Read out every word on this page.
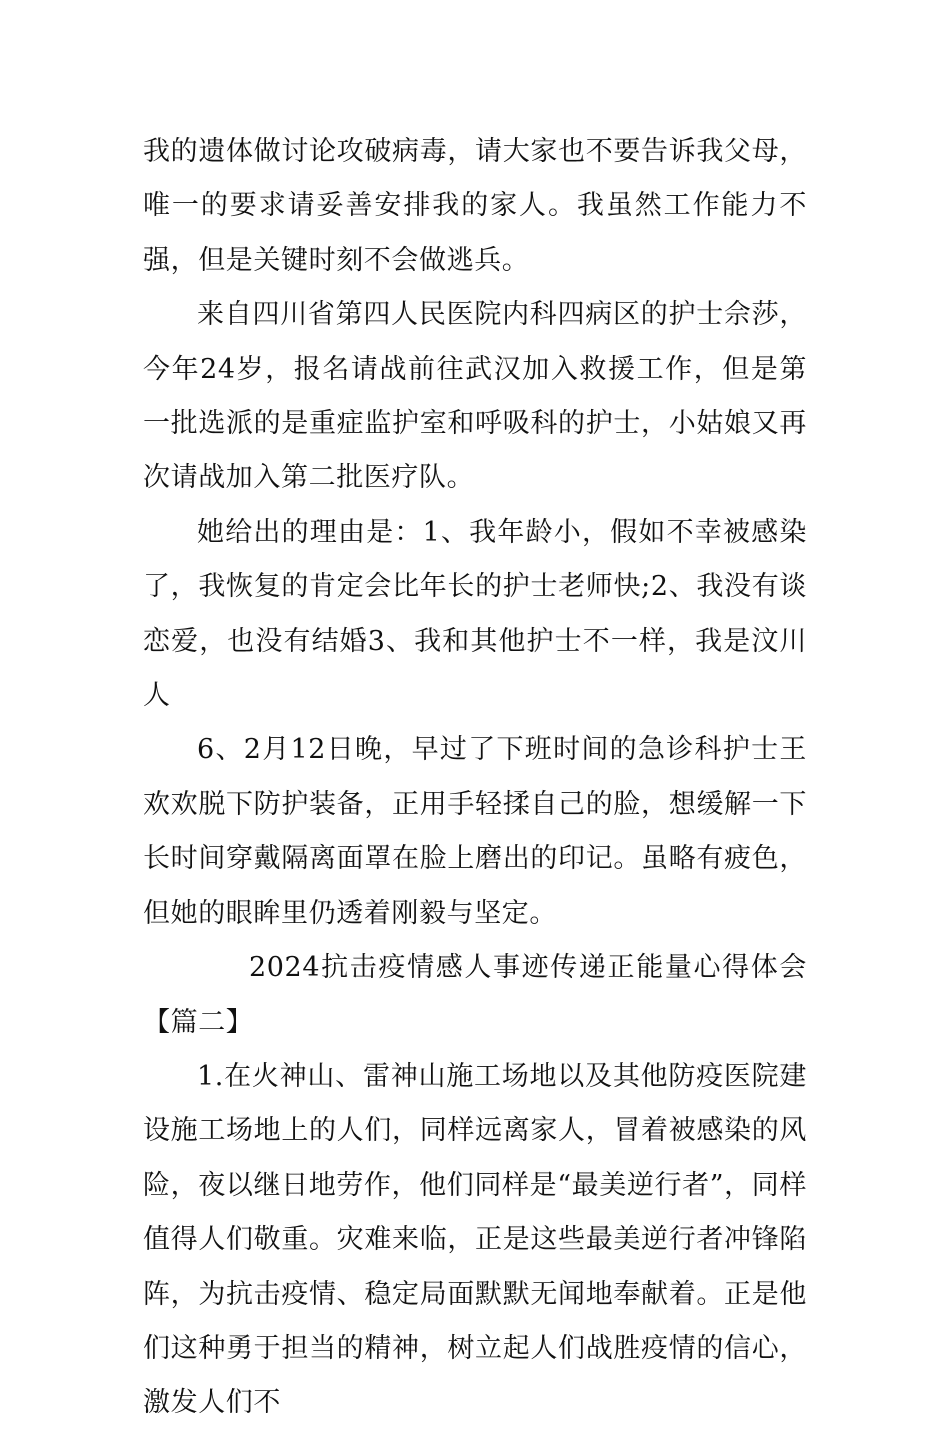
我的遗体做讨论攻破病毒，请大家也不要告诉我父母，唯一的要求请妥善安排我的家人。我虽然工作能力不强，但是关键时刻不会做逃兵。

来自四川省第四人民医院内科四病区的护士佘莎，今年24岁，报名请战前往武汉加入救援工作，但是第一批选派的是重症监护室和呼吸科的护士，小姑娘又再次请战加入第二批医疗队。

她给出的理由是：1、我年龄小，假如不幸被感染了，我恢复的肯定会比年长的护士老师快;2、我没有谈恋爱，也没有结婚3、我和其他护士不一样，我是汶川人

6、2月12日晚，早过了下班时间的急诊科护士王欢欢脱下防护装备，正用手轻揉自己的脸，想缓解一下长时间穿戴隔离面罩在脸上磨出的印记。虽略有疲色，但她的眼眸里仍透着刚毅与坚定。

2024抗击疫情感人事迹传递正能量心得体会【篇二】

1.在火神山、雷神山施工场地以及其他防疫医院建设施工场地上的人们，同样远离家人，冒着被感染的风险，夜以继日地劳作，他们同样是“最美逆行者”，同样值得人们敬重。灾难来临，正是这些最美逆行者冲锋陷阵，为抗击疫情、稳定局面默默无闻地奉献着。正是他们这种勇于担当的精神，树立起人们战胜疫情的信心，激发人们不
